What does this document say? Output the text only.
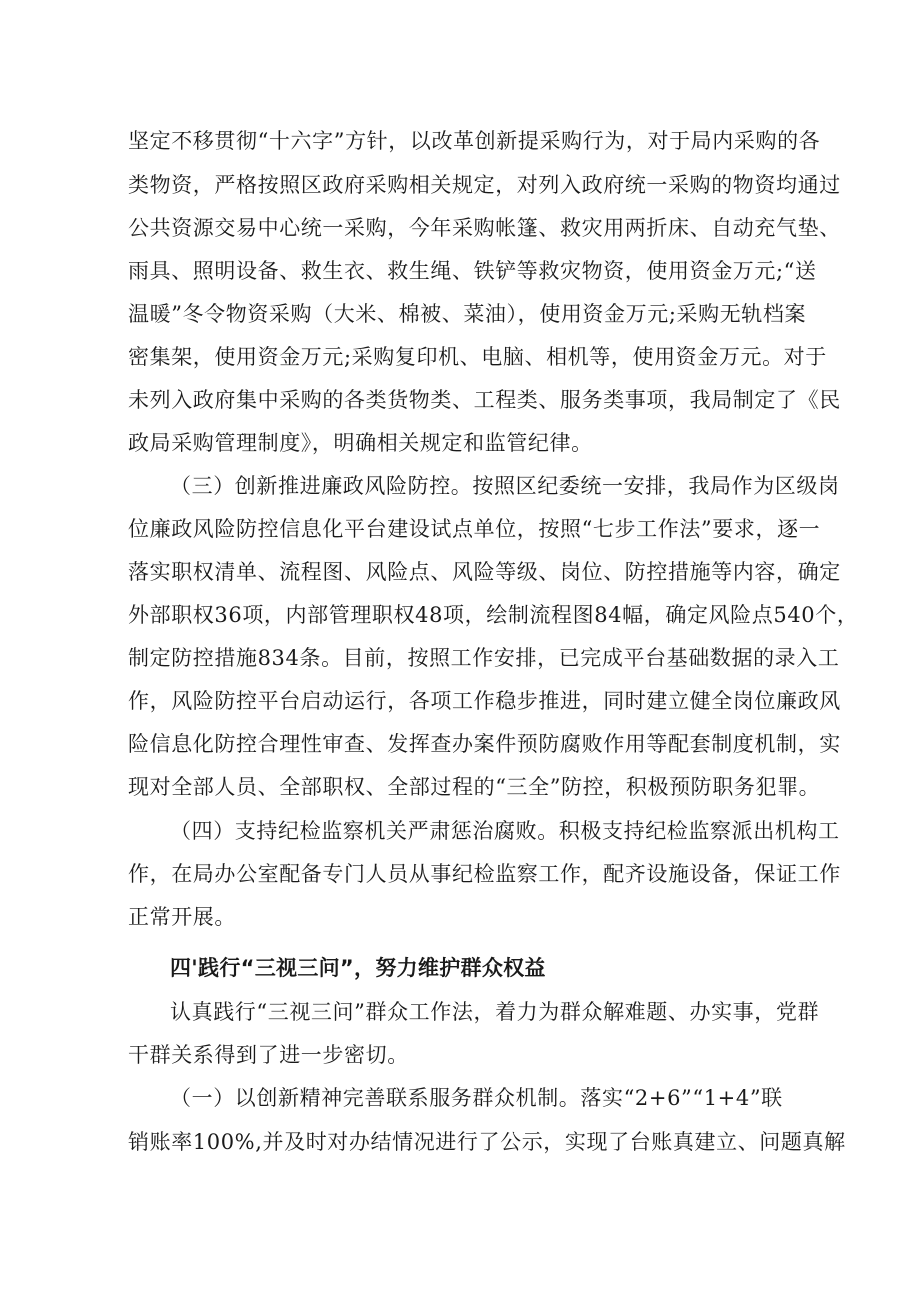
坚定不移贯彻“十六字”方针，以改革创新提采购行为，对于局内采购的各
类物资，严格按照区政府采购相关规定，对列入政府统一采购的物资均通过
公共资源交易中心统一采购，今年采购帐篷、救灾用两折床、自动充气垫、
雨具、照明设备、救生衣、救生绳、铁铲等救灾物资，使用资金万元;“送
温暖”冬令物资采购（大米、棉被、菜油），使用资金万元;采购无轨档案
密集架，使用资金万元;采购复印机、电脑、相机等，使用资金万元。对于
未列入政府集中采购的各类货物类、工程类、服务类事项，我局制定了《民
政局采购管理制度》，明确相关规定和监管纪律。
（三）创新推进廉政风险防控。按照区纪委统一安排，我局作为区级岗
位廉政风险防控信息化平台建设试点单位，按照“七步工作法”要求，逐一
落实职权清单、流程图、风险点、风险等级、岗位、防控措施等内容，确定
外部职权36项，内部管理职权48项，绘制流程图84幅，确定风险点540个，
制定防控措施834条。目前，按照工作安排，已完成平台基础数据的录入工
作，风险防控平台启动运行，各项工作稳步推进，同时建立健全岗位廉政风
险信息化防控合理性审查、发挥查办案件预防腐败作用等配套制度机制，实
现对全部人员、全部职权、全部过程的“三全”防控，积极预防职务犯罪。
（四）支持纪检监察机关严肃惩治腐败。积极支持纪检监察派出机构工
作，在局办公室配备专门人员从事纪检监察工作，配齐设施设备，保证工作
正常开展。
四'践行“三视三问”，努力维护群众权益
认真践行“三视三问”群众工作法，着力为群众解难题、办实事，党群
干群关系得到了进一步密切。
（一）以创新精神完善联系服务群众机制。落实“2+6”“1+4”联
销账率100%,并及时对办结情况进行了公示，实现了台账真建立、问题真解
